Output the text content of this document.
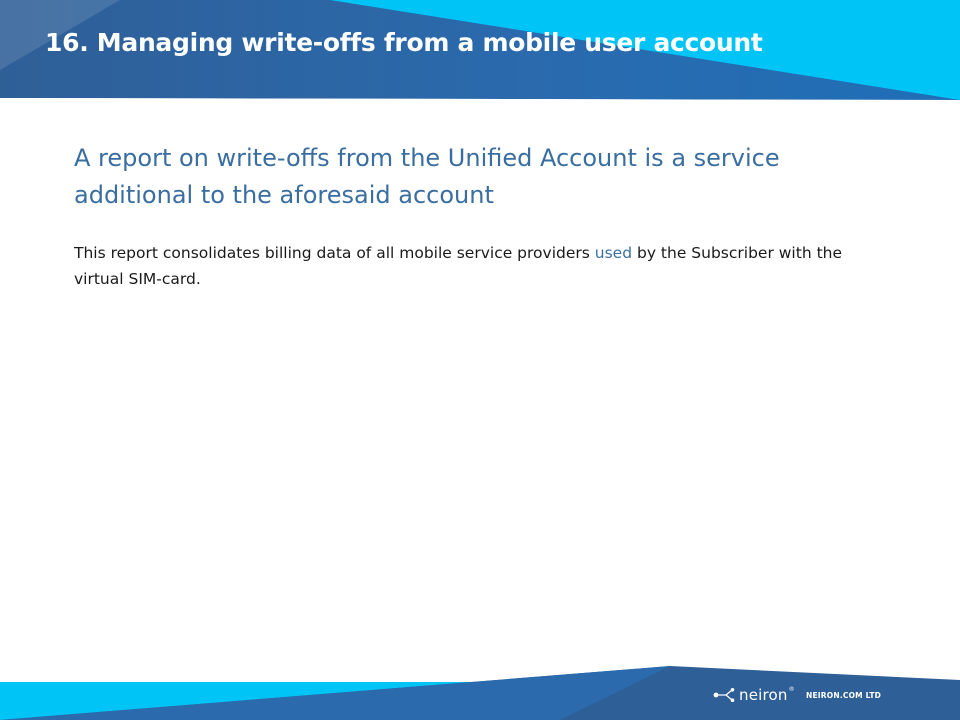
16. Managing write-offs from a mobile user account
A report on write-offs from the Unified Account is a service additional to the aforesaid account

This report consolidates billing data of all mobile service providers used by the Subscriber with the virtual SIM-card.

neiron ®
NEIRON.COM LTD
